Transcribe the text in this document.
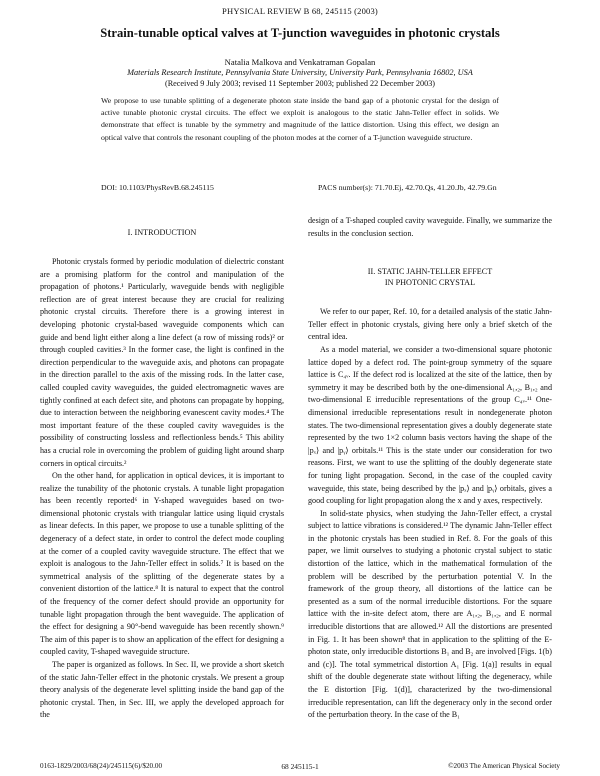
PHYSICAL REVIEW B 68, 245115 (2003)
Strain-tunable optical valves at T-junction waveguides in photonic crystals
Natalia Malkova and Venkatraman Gopalan
Materials Research Institute, Pennsylvania State University, University Park, Pennsylvania 16802, USA
(Received 9 July 2003; revised 11 September 2003; published 22 December 2003)
We propose to use tunable splitting of a degenerate photon state inside the band gap of a photonic crystal for the design of active tunable photonic crystal circuits. The effect we exploit is analogous to the static Jahn-Teller effect in solids. We demonstrate that effect is tunable by the symmetry and magnitude of the lattice distortion. Using this effect, we design an optical valve that controls the resonant coupling of the photon modes at the corner of a T-junction waveguide structure.
DOI: 10.1103/PhysRevB.68.245115	PACS number(s): 71.70.Ej, 42.70.Qs, 41.20.Jb, 42.79.Gn
I. INTRODUCTION

Photonic crystals formed by periodic modulation of dielectric constant are a promising platform for the control and manipulation of the propagation of photons.¹ Particularly, waveguide bends with negligible reflection are of great interest because they are crucial for realizing photonic crystal circuits. Therefore there is a growing interest in developing photonic crystal-based waveguide components which can guide and bend light either along a line defect (a row of missing rods)² or through coupled cavities.³ In the former case, the light is confined in the direction perpendicular to the waveguide axis, and photons can propagate in the direction parallel to the axis of the missing rods. In the latter case, called coupled cavity waveguides, the guided electromagnetic waves are tightly confined at each defect site, and photons can propagate by hopping, due to interaction between the neighboring evanescent cavity modes.⁴ The most important feature of the these coupled cavity waveguides is the possibility of constructing lossless and reflectionless bends.⁵ This ability has a crucial role in overcoming the problem of guiding light around sharp corners in optical circuits.²

On the other hand, for application in optical devices, it is important to realize the tunability of the photonic crystals. A tunable light propagation has been recently reported⁶ in Y-shaped waveguides based on two-dimensional photonic crystals with triangular lattice using liquid crystals as linear defects. In this paper, we propose to use a tunable splitting of the degeneracy of a defect state, in order to control the defect mode coupling at the corner of a coupled cavity waveguide structure. The effect that we exploit is analogous to the Jahn-Teller effect in solids.⁷ It is based on the symmetrical analysis of the splitting of the degenerate states by a convenient distortion of the lattice.⁸ It is natural to expect that the control of the frequency of the corner defect should provide an opportunity for tunable light propagation through the bent waveguide. The application of the effect for designing a 90°-bend waveguide has been recently shown.⁹ The aim of this paper is to show an application of the effect for designing a coupled cavity, T-shaped waveguide structure.

The paper is organized as follows. In Sec. II, we provide a short sketch of the static Jahn-Teller effect in the photonic crystals. We present a group theory analysis of the degenerate level splitting inside the band gap of the photonic crystal. Then, in Sec. III, we apply the developed approach for the

design of a T-shaped coupled cavity waveguide. Finally, we summarize the results in the conclusion section.

II. STATIC JAHN-TELLER EFFECT
IN PHOTONIC CRYSTAL

We refer to our paper, Ref. 10, for a detailed analysis of the static Jahn-Teller effect in photonic crystals, giving here only a brief sketch of the central idea.

As a model material, we consider a two-dimensional square photonic lattice doped by a defect rod. The point-group symmetry of the square lattice is C₄ᵥ. If the defect rod is localized at the site of the lattice, then by symmetry it may be described both by the one-dimensional A₁,₂, B₁,₂ and two-dimensional E irreducible representations of the group C₄ᵥ.¹¹ One-dimensional irreducible representations result in nondegenerate photon states. The two-dimensional representation gives a doubly degenerate state represented by the two 1×2 column basis vectors having the shape of the |pₓ⟩ and |pᵧ⟩ orbitals.¹¹ This is the state under our consideration for two reasons. First, we want to use the splitting of the doubly degenerate state for tuning light propagation. Second, in the case of the coupled cavity waveguide, this state, being described by the |pₓ⟩ and |pᵧ⟩ orbitals, gives a good coupling for light propagation along the x and y axes, respectively.

In solid-state physics, when studying the Jahn-Teller effect, a crystal subject to lattice vibrations is considered.¹² The dynamic Jahn-Teller effect in the photonic crystals has been studied in Ref. 8. For the goals of this paper, we limit ourselves to studying a photonic crystal subject to static distortion of the lattice, which in the mathematical formulation of the problem will be described by the perturbation potential V. In the framework of the group theory, all distortions of the lattice can be presented as a sum of the normal irreducible distortions. For the square lattice with the in-site defect atom, there are A₁,₂, B₁,₂, and E normal irreducible distortions that are allowed.¹² All the distortions are presented in Fig. 1. It has been shown⁸ that in application to the splitting of the E-photon state, only irreducible distortions B₁ and B₂ are involved [Figs. 1(b) and (c)]. The total symmetrical distortion A₁ [Fig. 1(a)] results in equal shift of the double degenerate state without lifting the degeneracy, while the E distortion [Fig. 1(d)], characterized by the two-dimensional irreducible representation, can lift the degeneracy only in the second order of the perturbation theory. In the case of the B₁

0163-1829/2003/68(24)/245115(6)/$20.00	68 245115-1	©2003 The American Physical Society
